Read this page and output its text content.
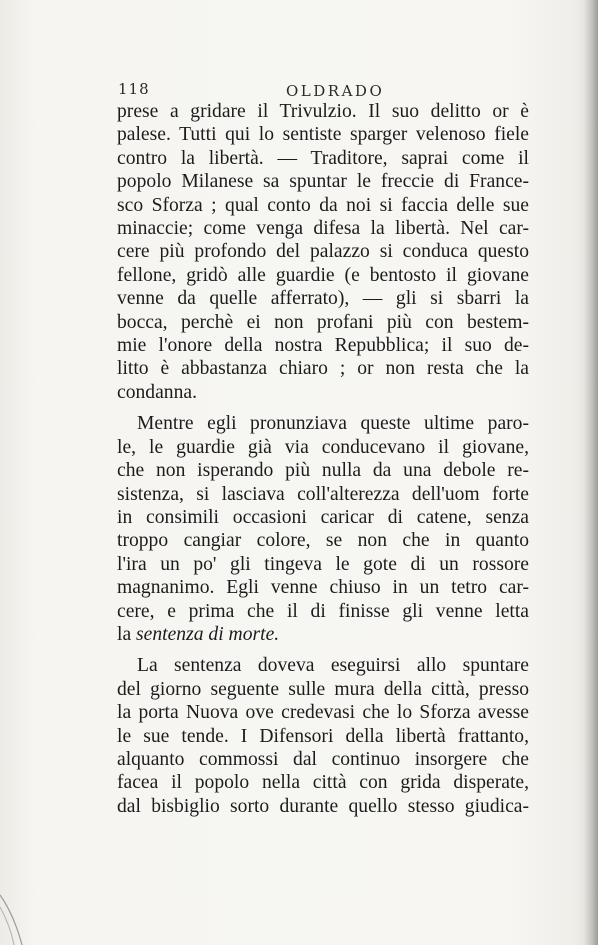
118	OLDRADO
prese a gridare il Trivulzio. Il suo delitto or è
palese. Tutti qui lo sentiste sparger velenoso fiele
contro la libertà. — Traditore, saprai come il
popolo Milanese sa spuntar le freccie di France-
sco Sforza ; qual conto da noi si faccia delle sue
minaccie; come venga difesa la libertà. Nel car-
cere più profondo del palazzo si conduca questo
fellone, gridò alle guardie (e bentosto il giovane
venne da quelle afferrato), — gli si sbarri la
bocca, perchè ei non profani più con bestem-
mie l'onore della nostra Repubblica; il suo de-
litto è abbastanza chiaro ; or non resta che la
condanna.
Mentre egli pronunziava queste ultime paro-
le, le guardie già via conducevano il giovane,
che non isperando più nulla da una debole re-
sistenza, si lasciava coll'alterezza dell'uom forte
in consimili occasioni caricar di catene, senza
troppo cangiar colore, se non che in quanto
l'ira un po' gli tingeva le gote di un rossore
magnanimo. Egli venne chiuso in un tetro car-
cere, e prima che il di finisse gli venne letta
la sentenza di morte.
La sentenza doveva eseguirsi allo spuntare
del giorno seguente sulle mura della città, presso
la porta Nuova ove credevasi che lo Sforza avesse
le sue tende. I Difensori della libertà frattanto,
alquanto commossi dal continuo insorgere che
facea il popolo nella città con grida disperate,
dal bisbiglio sorto durante quello stesso giudica-
